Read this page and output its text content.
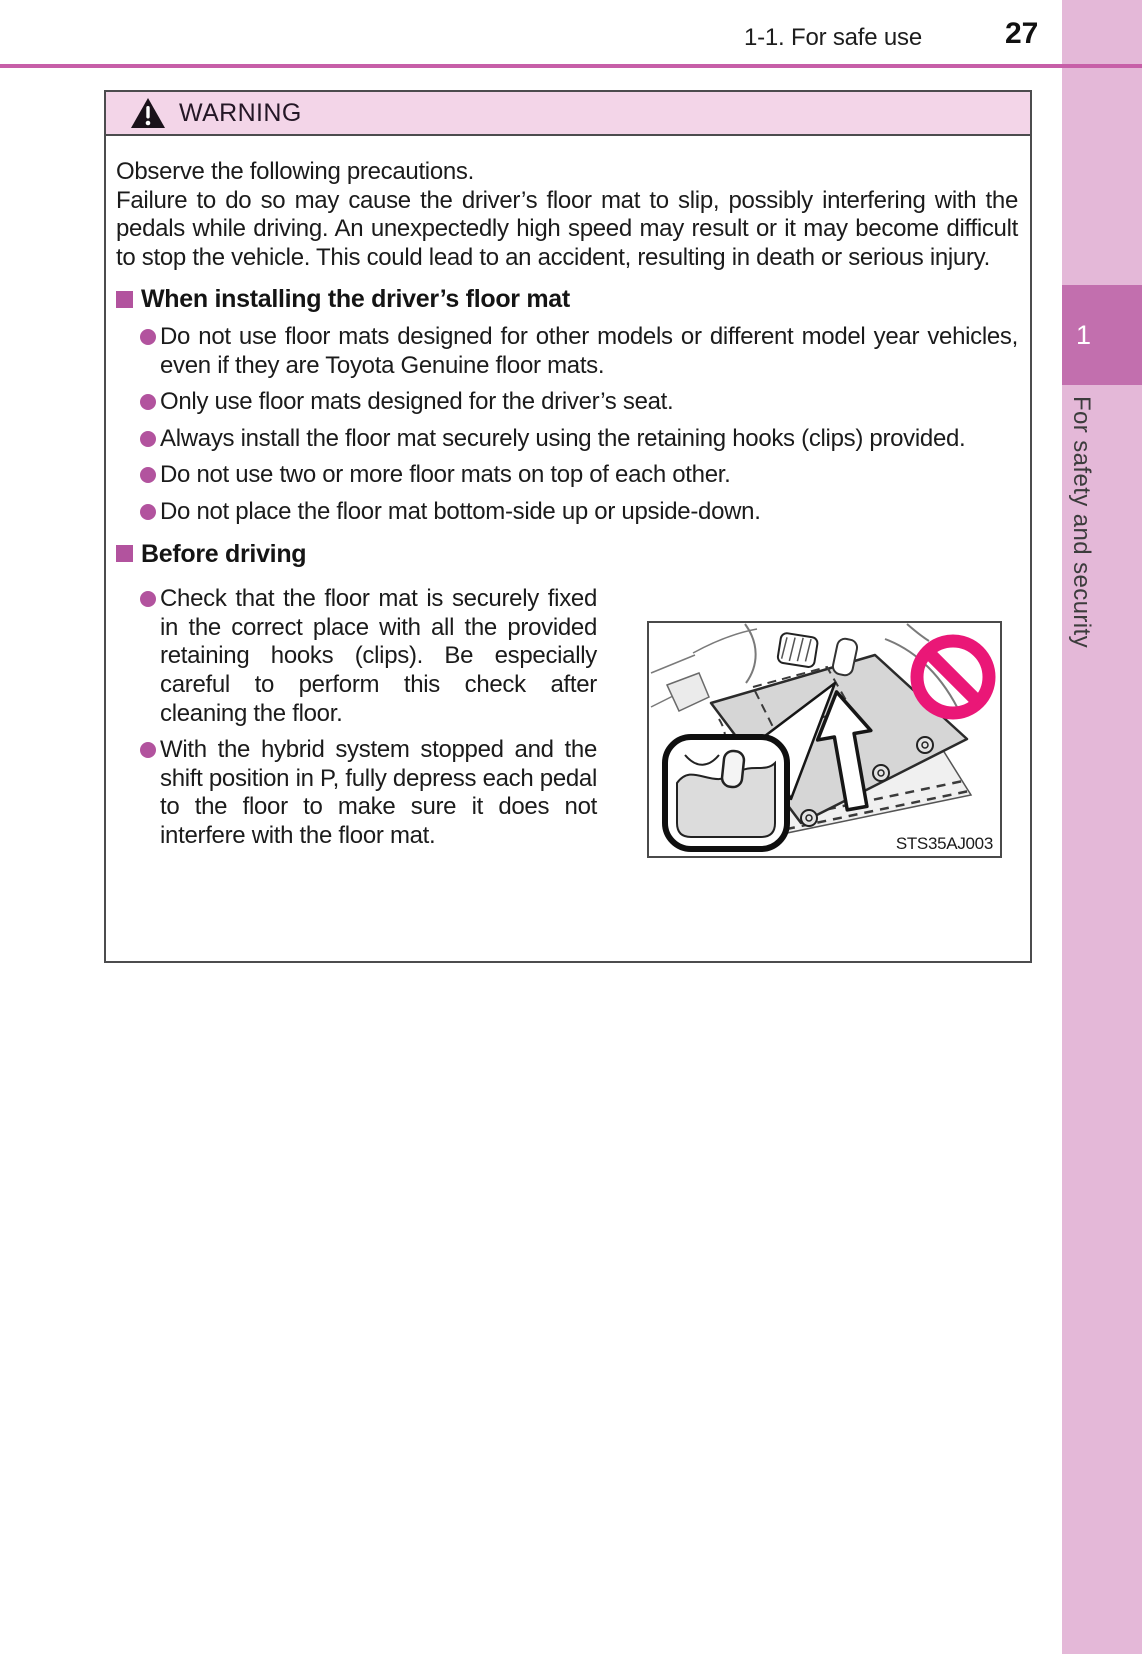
1-1. For safe use	27
1
For safety and security
WARNING
Observe the following precautions.
Failure to do so may cause the driver’s floor mat to slip, possibly interfering with the pedals while driving. An unexpectedly high speed may result or it may become difficult to stop the vehicle. This could lead to an accident, resulting in death or serious injury.
When installing the driver’s floor mat
Do not use floor mats designed for other models or different model year vehicles, even if they are Toyota Genuine floor mats.
Only use floor mats designed for the driver’s seat.
Always install the floor mat securely using the retaining hooks (clips) provided.
Do not use two or more floor mats on top of each other.
Do not place the floor mat bottom-side up or upside-down.
Before driving
Check that the floor mat is securely fixed in the correct place with all the provided retaining hooks (clips). Be especially careful to perform this check after cleaning the floor.
With the hybrid system stopped and the shift position in P, fully depress each pedal to the floor to make sure it does not interfere with the floor mat.	STS35AJ003
